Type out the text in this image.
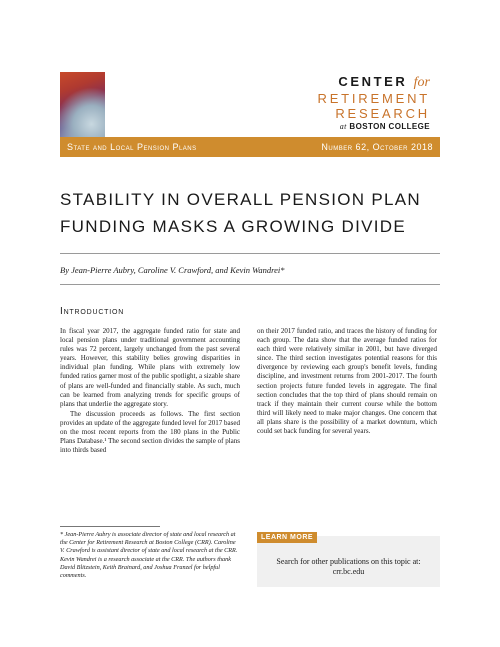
CENTER for
RETIREMENT
RESEARCH
at BOSTON COLLEGE
State and Local Pension Plans	Number 62, October 2018
STABILITY IN OVERALL PENSION PLAN FUNDING MASKS A GROWING DIVIDE
By Jean-Pierre Aubry, Caroline V. Crawford, and Kevin Wandrei*
Introduction

In fiscal year 2017, the aggregate funded ratio for state and local pension plans under traditional government accounting rules was 72 percent, largely unchanged from the past several years. However, this stability belies growing disparities in individual plan funding. While plans with extremely low funded ratios garner most of the public spotlight, a sizable share of plans are well-funded and financially stable. As such, much can be learned from analyzing trends for specific groups of plans that underlie the aggregate story.

The discussion proceeds as follows. The first section provides an update of the aggregate funded level for 2017 based on the most recent reports from the 180 plans in the Public Plans Database.¹ The second section divides the sample of plans into thirds based

on their 2017 funded ratio, and traces the history of funding for each group. The data show that the average funded ratios for each third were relatively similar in 2001, but have diverged since. The third section investigates potential reasons for this divergence by reviewing each group's benefit levels, funding discipline, and investment returns from 2001-2017. The fourth section projects future funded levels in aggregate. The final section concludes that the top third of plans should remain on track if they maintain their current course while the bottom third will likely need to make major changes. One concern that all plans share is the possibility of a market downturn, which could set back funding for several years.

* Jean-Pierre Aubry is associate director of state and local research at the Center for Retirement Research at Boston College (CRR). Caroline V. Crawford is assistant director of state and local research at the CRR. Kevin Wandrei is a research associate at the CRR. The authors thank David Blitzstein, Keith Brainard, and Joshua Franzel for helpful comments.
LEARN MORE
Search for other publications on this topic at:
crr.bc.edu
